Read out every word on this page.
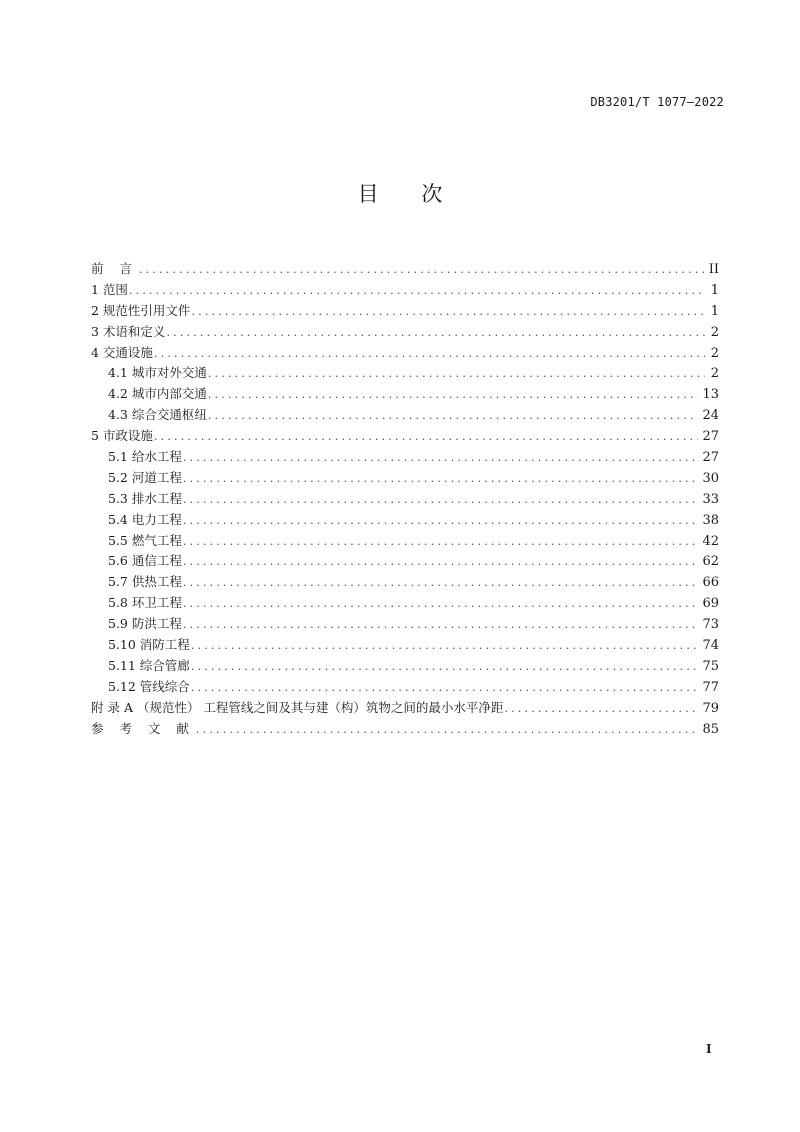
DB3201/T 1077—2022
目 次
前 言 .....	II
1 范围 .....	1
2 规范性引用文件 .....	1
3 术语和定义 .....	2
4 交通设施 .....	2
4.1 城市对外交通 .....	2
4.2 城市内部交通 .....	13
4.3 综合交通枢纽 .....	24
5 市政设施 .....	27
5.1 给水工程 .....	27
5.2 河道工程 .....	30
5.3 排水工程 .....	33
5.4 电力工程 .....	38
5.5 燃气工程 .....	42
5.6 通信工程 .....	62
5.7 供热工程 .....	66
5.8 环卫工程 .....	69
5.9 防洪工程 .....	73
5.10 消防工程 .....	74
5.11 综合管廊 .....	75
5.12 管线综合 .....	77
附 录 A （规范性） 工程管线之间及其与建（构）筑物之间的最小水平净距 .....	79
参 考 文 献 .....	85
I
